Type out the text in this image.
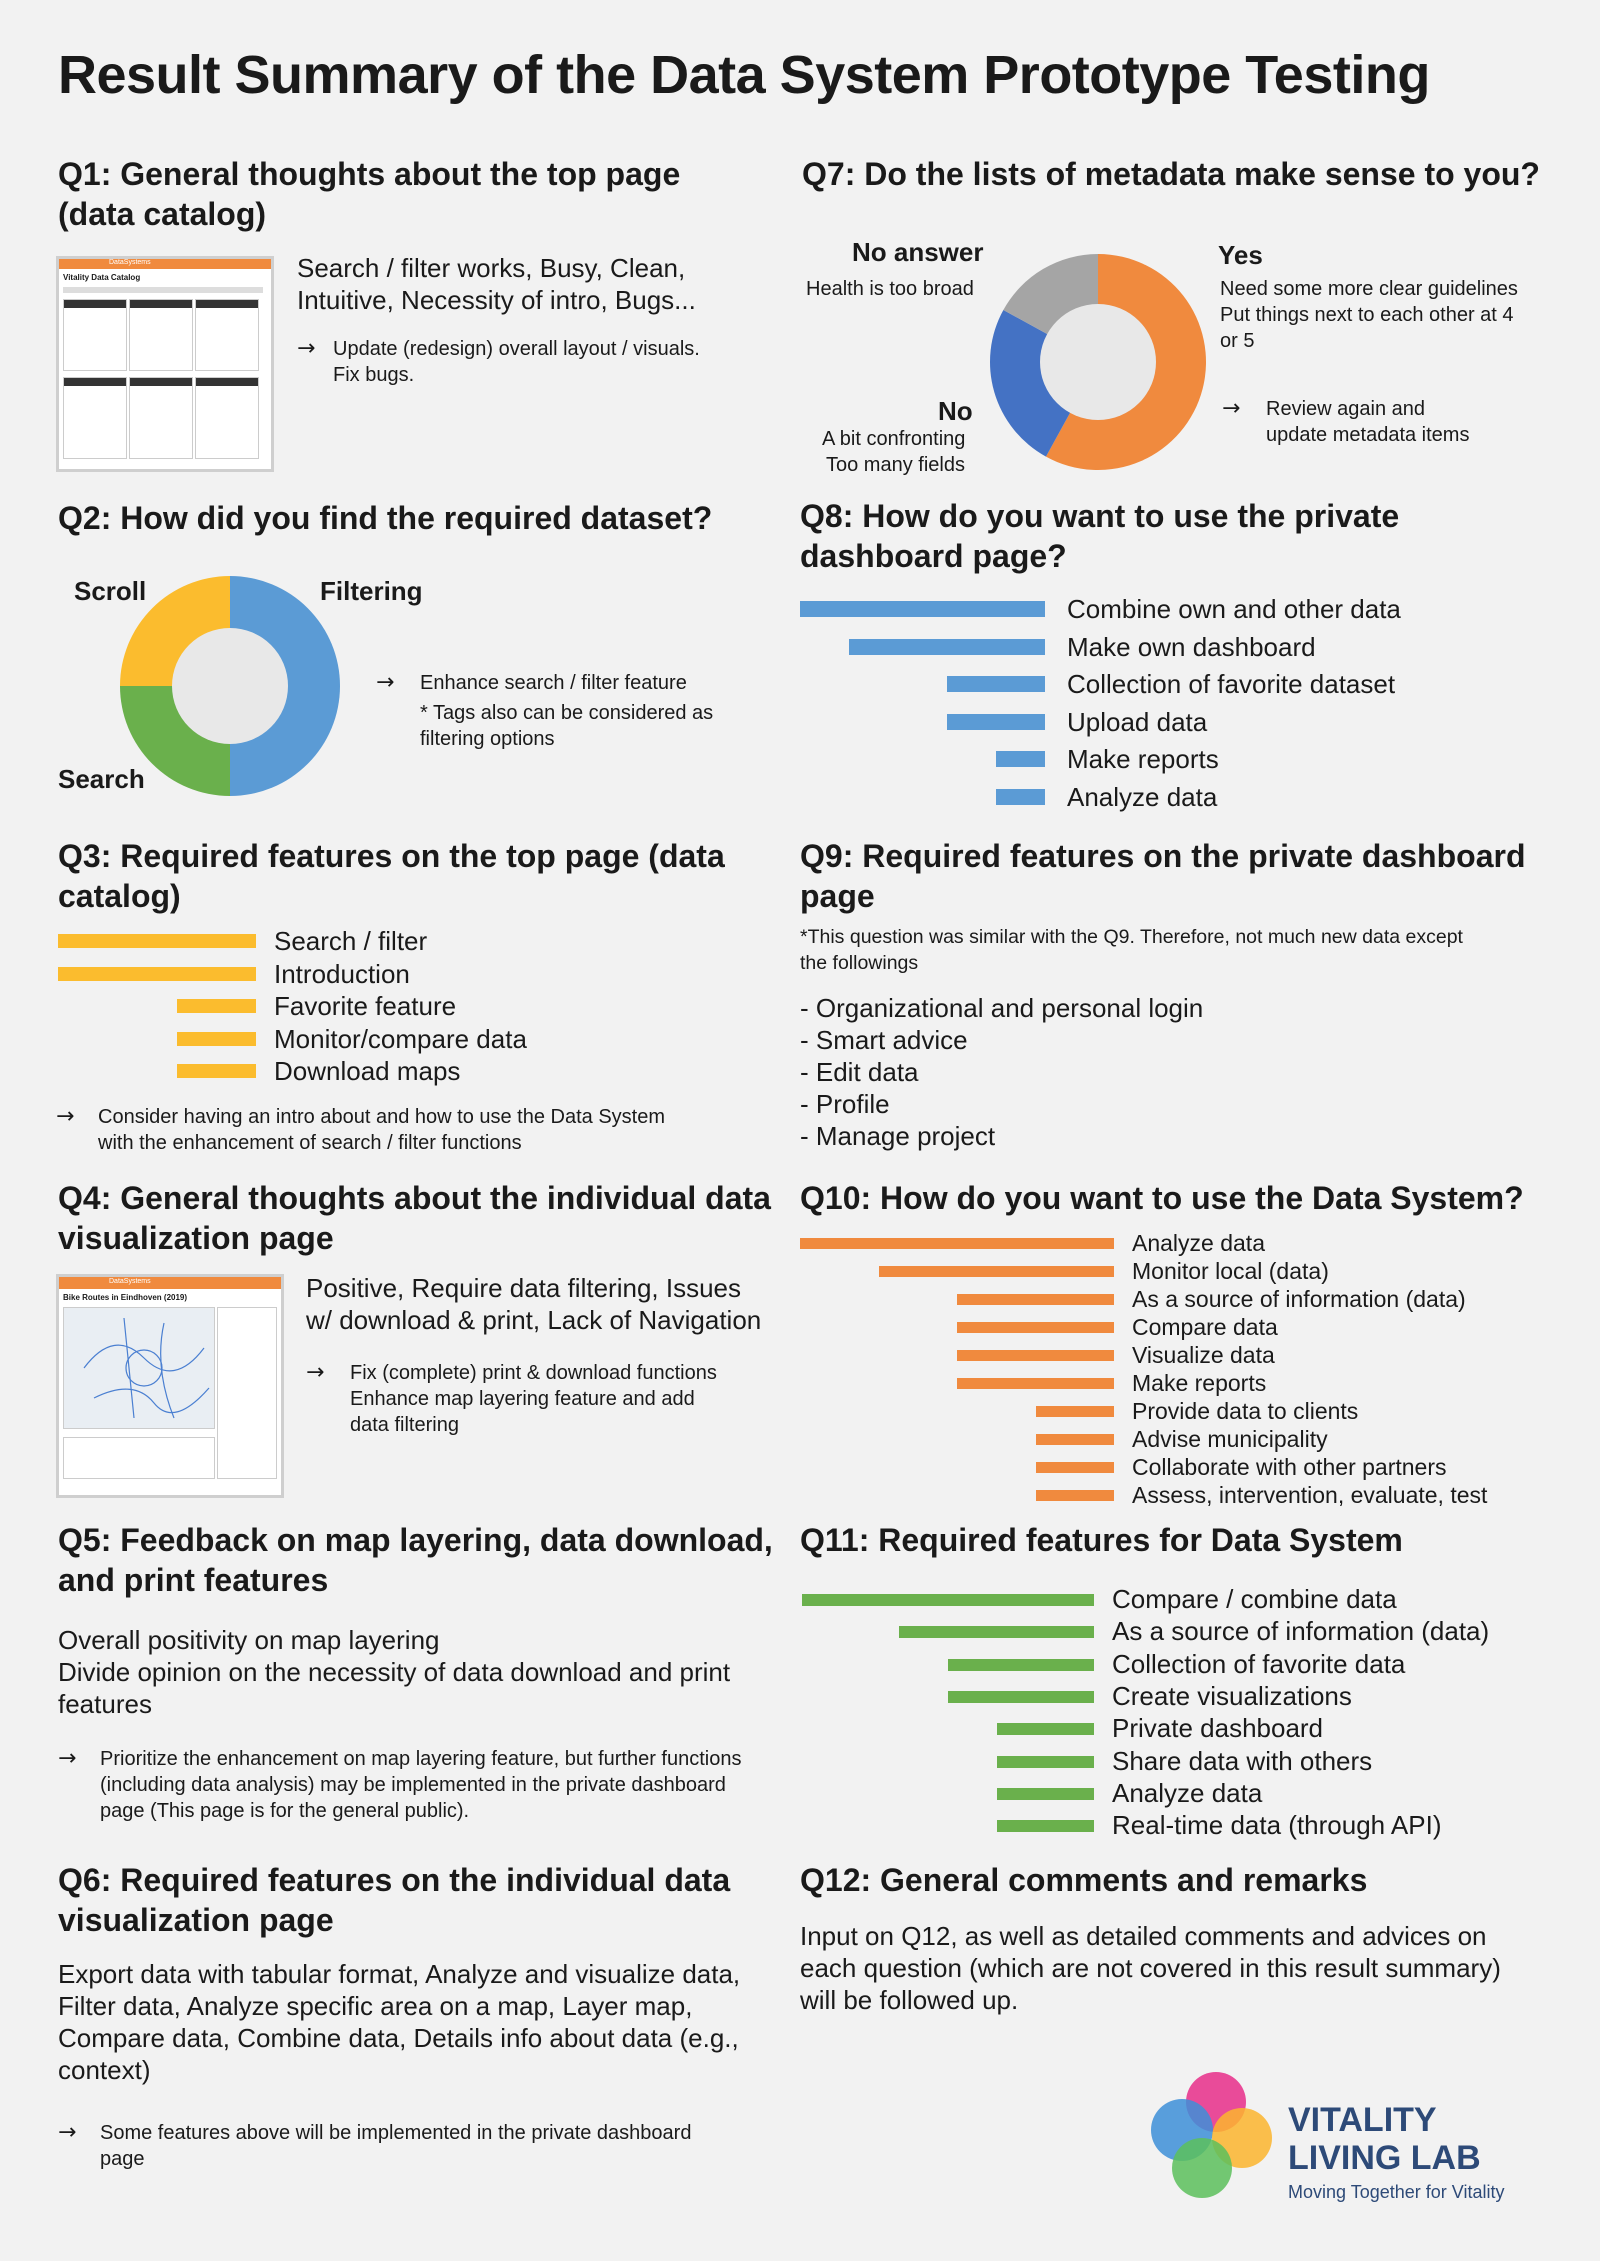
Result Summary of the Data System Prototype Testing
Q1: General thoughts about the top page (data catalog)
DataSystems
Vitality Data Catalog	Search / filter works, Busy, Clean, Intuitive, Necessity of intro, Bugs...
→ Update (redesign) overall layout / visuals.
Fix bugs.
Q7: Do the lists of metadata make sense to you?
No answer
Health is too broad
Yes
Need some more clear guidelines
Put things next to each other at 4
or 5
No
A bit confronting
Too many fields
→ Review again and
update metadata items
Q2: How did you find the required dataset?
Scroll	Filtering
Search
→ Enhance search / filter feature
* Tags also can be considered as
filtering options
Q8: How do you want to use the private dashboard page?
Combine own and other data
Make own dashboard
Collection of favorite dataset
Upload data
Make reports
Analyze data
Q3: Required features on the top page (data catalog)
Search / filter
Introduction
Favorite feature
Monitor/compare data
Download maps
→ Consider having an intro about and how to use the Data System
with the enhancement of search / filter functions
Q9: Required features on the private dashboard page
*This question was similar with the Q9. Therefore, not much new data except
the followings
- Organizational and personal login
- Smart advice
- Edit data
- Profile
- Manage project
Q4: General thoughts about the individual data visualization page
DataSystems
Bike Routes in Eindhoven (2019)	Positive, Require data filtering, Issues
w/ download & print, Lack of Navigation
→ Fix (complete) print & download functions
Enhance map layering feature and add
data filtering
Q10: How do you want to use the Data System?
Analyze data
Monitor local (data)
As a source of information (data)
Compare data
Visualize data
Make reports
Provide data to clients
Advise municipality
Collaborate with other partners
Assess, intervention, evaluate, test
Q5: Feedback on map layering, data download, and print features
Overall positivity on map layering
Divide opinion on the necessity of data download and print
features
→ Prioritize the enhancement on map layering feature, but further functions
(including data analysis) may be implemented in the private dashboard
page (This page is for the general public).
Q11: Required features for Data System
Compare / combine data
As a source of information (data)
Collection of favorite data
Create visualizations
Private dashboard
Share data with others
Analyze data
Real-time data (through API)
Q6: Required features on the individual data visualization page
Export data with tabular format, Analyze and visualize data,
Filter data, Analyze specific area on a map, Layer map,
Compare data, Combine data, Details info about data (e.g.,
context)
→ Some features above will be implemented in the private dashboard
page
Q12: General comments and remarks
Input on Q12, as well as detailed comments and advices on
each question (which are not covered in this result summary)
will be followed up.
VITALITY
LIVING LAB
Moving Together for Vitality
